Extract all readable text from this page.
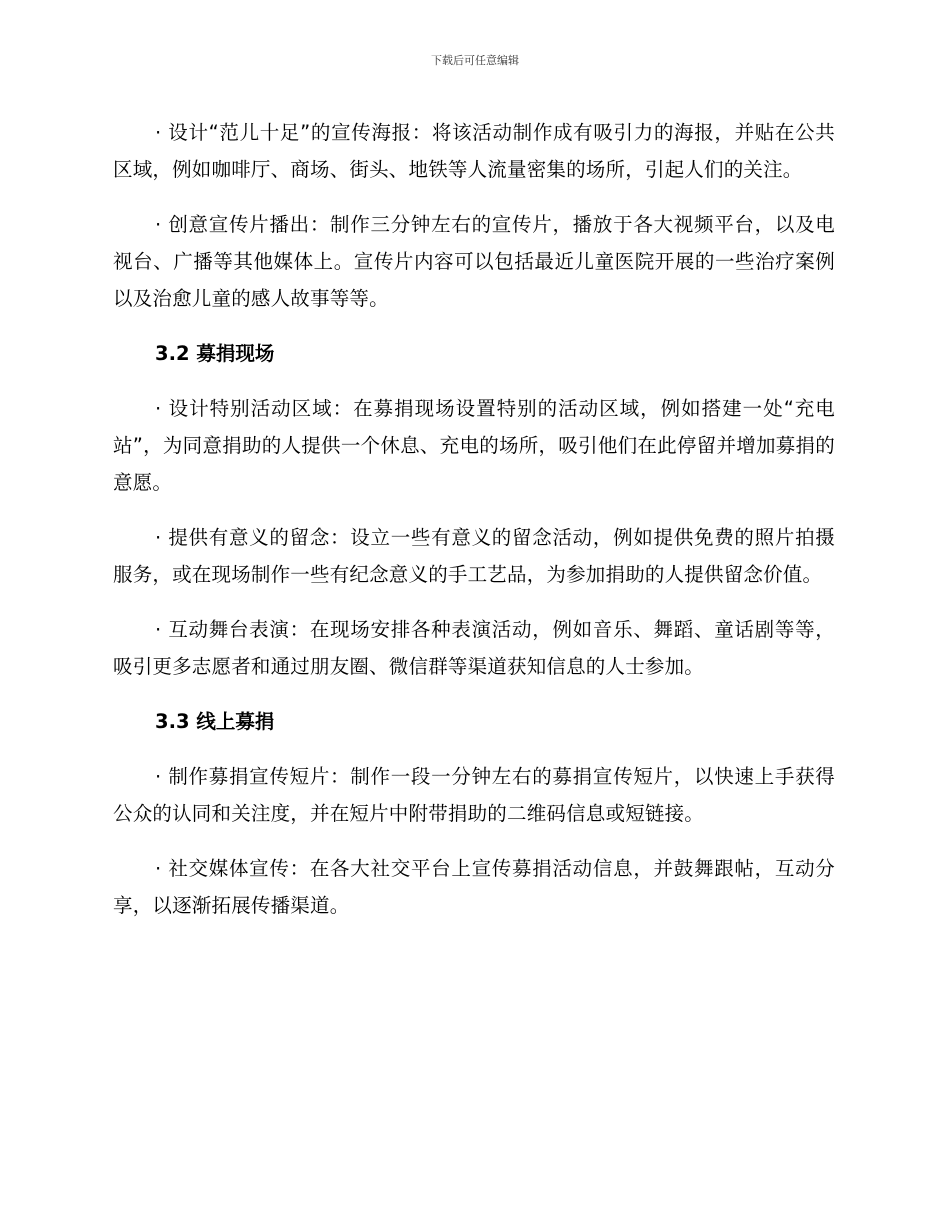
下载后可任意编辑

· 设计“范儿十足”的宣传海报：将该活动制作成有吸引力的海报，并贴在公共区域，例如咖啡厅、商场、街头、地铁等人流量密集的场所，引起人们的关注。

· 创意宣传片播出：制作三分钟左右的宣传片，播放于各大视频平台，以及电视台、广播等其他媒体上。宣传片内容可以包括最近儿童医院开展的一些治疗案例以及治愈儿童的感人故事等等。

3.2 募捐现场

· 设计特别活动区域：在募捐现场设置特别的活动区域，例如搭建一处“充电站”，为同意捐助的人提供一个休息、充电的场所，吸引他们在此停留并增加募捐的意愿。

· 提供有意义的留念：设立一些有意义的留念活动，例如提供免费的照片拍摄服务，或在现场制作一些有纪念意义的手工艺品，为参加捐助的人提供留念价值。

· 互动舞台表演：在现场安排各种表演活动，例如音乐、舞蹈、童话剧等等，吸引更多志愿者和通过朋友圈、微信群等渠道获知信息的人士参加。

3.3 线上募捐

· 制作募捐宣传短片：制作一段一分钟左右的募捐宣传短片，以快速上手获得公众的认同和关注度，并在短片中附带捐助的二维码信息或短链接。

· 社交媒体宣传：在各大社交平台上宣传募捐活动信息，并鼓舞跟帖，互动分享，以逐渐拓展传播渠道。
